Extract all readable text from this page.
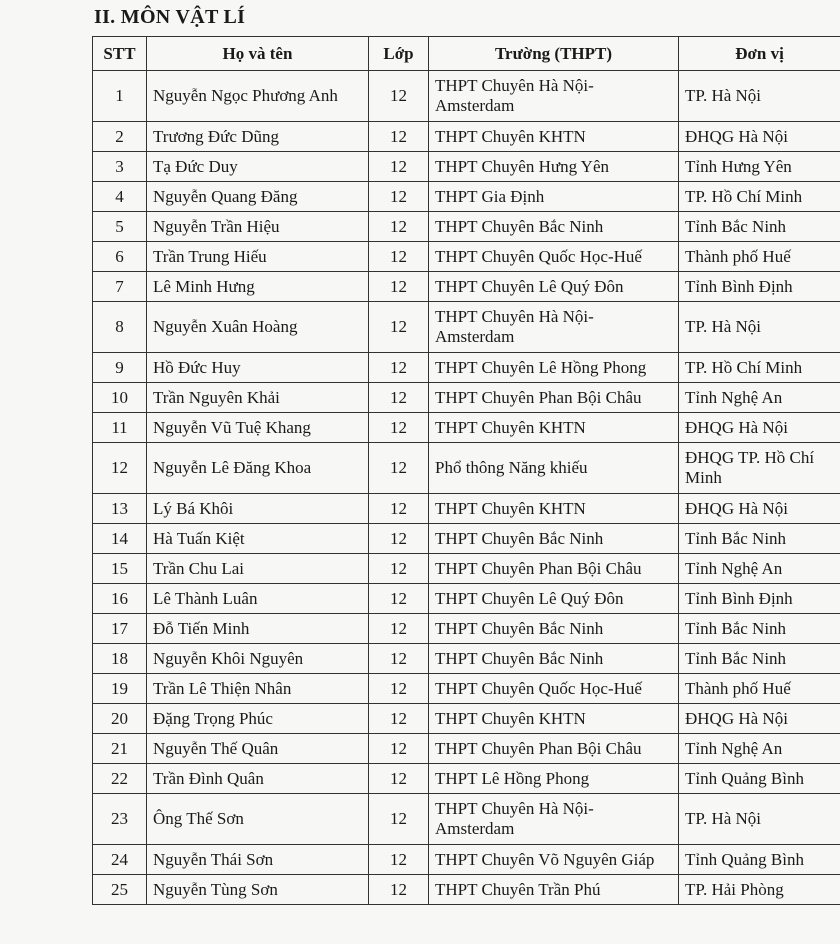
II. MÔN VẬT LÍ
STT	Họ và tên	Lớp	Trường (THPT)	Đơn vị
1	Nguyễn Ngọc Phương Anh	12	THPT Chuyên Hà Nội-Amsterdam	TP. Hà Nội
2	Trương Đức Dũng	12	THPT Chuyên KHTN	ĐHQG Hà Nội
3	Tạ Đức Duy	12	THPT Chuyên Hưng Yên	Tỉnh Hưng Yên
4	Nguyễn Quang Đăng	12	THPT Gia Định	TP. Hồ Chí Minh
5	Nguyễn Trần Hiệu	12	THPT Chuyên Bắc Ninh	Tỉnh Bắc Ninh
6	Trần Trung Hiếu	12	THPT Chuyên Quốc Học-Huế	Thành phố Huế
7	Lê Minh Hưng	12	THPT Chuyên Lê Quý Đôn	Tỉnh Bình Định
8	Nguyễn Xuân Hoàng	12	THPT Chuyên Hà Nội-Amsterdam	TP. Hà Nội
9	Hồ Đức Huy	12	THPT Chuyên Lê Hồng Phong	TP. Hồ Chí Minh
10	Trần Nguyên Khải	12	THPT Chuyên Phan Bội Châu	Tỉnh Nghệ An
11	Nguyễn Vũ Tuệ Khang	12	THPT Chuyên KHTN	ĐHQG Hà Nội
12	Nguyễn Lê Đăng Khoa	12	Phổ thông Năng khiếu	ĐHQG TP. Hồ Chí Minh
13	Lý Bá Khôi	12	THPT Chuyên KHTN	ĐHQG Hà Nội
14	Hà Tuấn Kiệt	12	THPT Chuyên Bắc Ninh	Tỉnh Bắc Ninh
15	Trần Chu Lai	12	THPT Chuyên Phan Bội Châu	Tỉnh Nghệ An
16	Lê Thành Luân	12	THPT Chuyên Lê Quý Đôn	Tỉnh Bình Định
17	Đỗ Tiến Minh	12	THPT Chuyên Bắc Ninh	Tỉnh Bắc Ninh
18	Nguyễn Khôi Nguyên	12	THPT Chuyên Bắc Ninh	Tỉnh Bắc Ninh
19	Trần Lê Thiện Nhân	12	THPT Chuyên Quốc Học-Huế	Thành phố Huế
20	Đặng Trọng Phúc	12	THPT Chuyên KHTN	ĐHQG Hà Nội
21	Nguyễn Thế Quân	12	THPT Chuyên Phan Bội Châu	Tỉnh Nghệ An
22	Trần Đình Quân	12	THPT Lê Hồng Phong	Tỉnh Quảng Bình
23	Ông Thế Sơn	12	THPT Chuyên Hà Nội-Amsterdam	TP. Hà Nội
24	Nguyễn Thái Sơn	12	THPT Chuyên Võ Nguyên Giáp	Tỉnh Quảng Bình
25	Nguyễn Tùng Sơn	12	THPT Chuyên Trần Phú	TP. Hải Phòng
